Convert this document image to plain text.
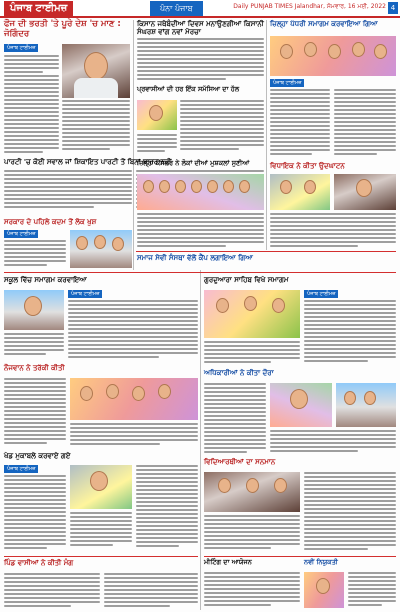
ਪੰਜਾਬ ਟਾਈਮਜ਼	ਪੰਨਾ ਪੰਜਾਬ	Daily PUNJAB TIMES Jalandhar, ਸੋਮਵਾਰ, 16 ਮਈ, 2022 4
ਫੌਜ ਦੀ ਭਰਤੀ 'ਤੇ ਪੂਰੇ ਦੇਸ਼ 'ਚ ਮਾਣ : ਜੋਗਿੰਦਰ
ਪੰਜਾਬ ਟਾਈਮਜ਼
ਪਾਰਟੀ 'ਚ ਕੋਈ ਸਵਾਲ ਜਾਂ ਸ਼ਿਕਾਇਤ ਪਾਰਟੀ ਤੋਂ ਬਿਨਾਂ ਬਾਹਰ ਨਹੀਂ
ਸਰਕਾਰ ਦੇ ਪਹਿਲੇ ਕਦਮ ਤੋਂ ਲੋਕ ਖੁਸ਼
ਪੰਜਾਬ ਟਾਈਮਜ਼
ਕਿਸਾਨ ਜਥੇਬੰਦੀਆਂ ਦਿਵਸ ਮਨਾਉਣਗੀਆਂ ਕਿਸਾਨੀ ਸੰਘਰਸ਼ ਵਾਂਗ ਨਵਾਂ ਮੋਰਚਾ
ਪ੍ਰਵਾਸੀਆਂ ਦੀ ਹਰ ਇੱਕ ਸਮੱਸਿਆ ਦਾ ਹੱਲ
ਜ਼ਿਲ੍ਹਾ ਪੱਧਰੀ ਸਮਾਗਮ ਕਰਵਾਇਆ ਗਿਆ
ਪੰਜਾਬ ਟਾਈਮਜ਼
ਵਿਧਾਇਕ ਨੇ ਕੀਤਾ ਉਦਘਾਟਨ
ਜ਼ਿਲ੍ਹਾ ਕੌਂਸਲਰ ਨੇ ਲੋਕਾਂ ਦੀਆਂ ਮੁਸ਼ਕਲਾਂ ਸੁਣੀਆਂ
ਸਮਾਜ ਸੇਵੀ ਸੰਸਥਾ ਵੱਲੋਂ ਕੈਂਪ ਲਗਾਇਆ ਗਿਆ
ਸਕੂਲ ਵਿੱਚ ਸਮਾਗਮ ਕਰਵਾਇਆ
ਪੰਜਾਬ ਟਾਈਮਜ਼
ਨੌਜਵਾਨ ਨੇ ਤਰੱਕੀ ਕੀਤੀ
ਖੇਡ ਮੁਕਾਬਲੇ ਕਰਵਾਏ ਗਏ
ਪੰਜਾਬ ਟਾਈਮਜ਼
ਪਿੰਡ ਵਾਸੀਆਂ ਨੇ ਕੀਤੀ ਮੰਗ
ਗੁਰਦੁਆਰਾ ਸਾਹਿਬ ਵਿਖੇ ਸਮਾਗਮ
ਪੰਜਾਬ ਟਾਈਮਜ਼
ਅਧਿਕਾਰੀਆਂ ਨੇ ਕੀਤਾ ਦੌਰਾ
ਵਿਦਿਆਰਥੀਆਂ ਦਾ ਸਨਮਾਨ
ਮੀਟਿੰਗ ਦਾ ਆਯੋਜਨ	ਨਵੀਂ ਨਿਯੁਕਤੀ
